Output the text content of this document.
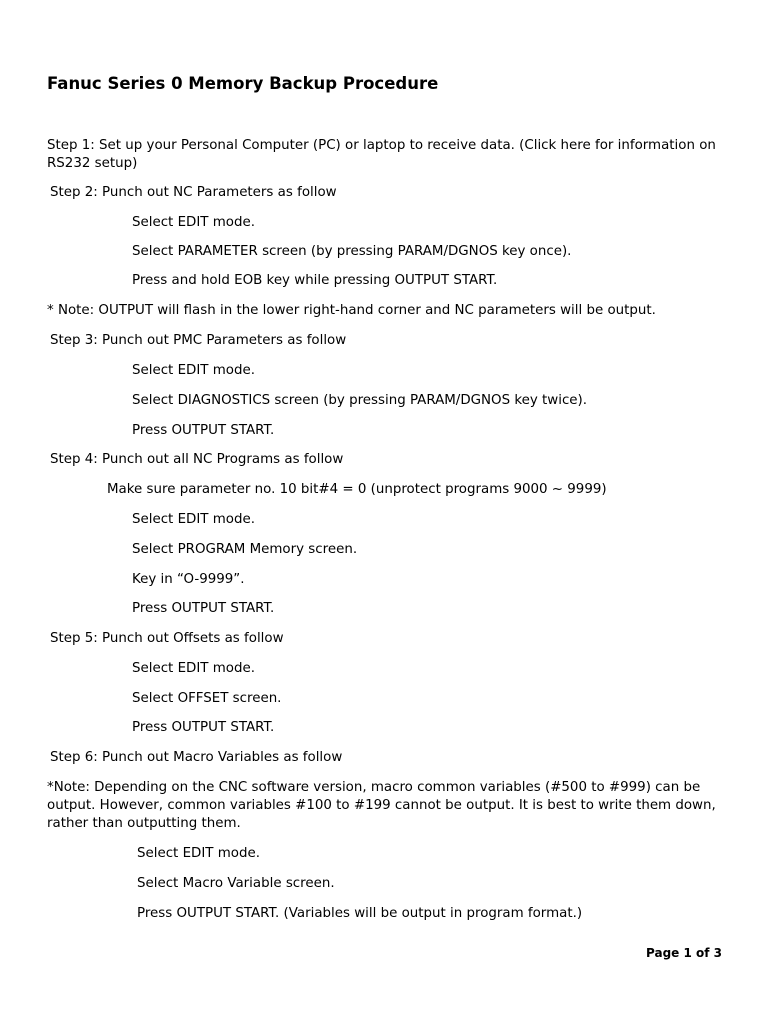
Fanuc Series 0 Memory Backup Procedure
Step 1: Set up your Personal Computer (PC) or laptop to receive data. (Click here for information on RS232 setup)
Step 2: Punch out NC Parameters as follow
Select EDIT mode.
Select PARAMETER screen (by pressing PARAM/DGNOS key once).
Press and hold EOB key while pressing OUTPUT START.
* Note: OUTPUT will flash in the lower right-hand corner and NC parameters will be output.
Step 3: Punch out PMC Parameters as follow
Select EDIT mode.
Select DIAGNOSTICS screen (by pressing PARAM/DGNOS key twice).
Press OUTPUT START.
Step 4: Punch out all NC Programs as follow
Make sure parameter no. 10 bit#4 = 0 (unprotect programs 9000 ~ 9999)
Select EDIT mode.
Select PROGRAM Memory screen.
Key in “O-9999”.
Press OUTPUT START.
Step 5: Punch out Offsets as follow
Select EDIT mode.
Select OFFSET screen.
Press OUTPUT START.
Step 6: Punch out Macro Variables as follow
*Note: Depending on the CNC software version, macro common variables (#500 to #999) can be output. However, common variables #100 to #199 cannot be output. It is best to write them down, rather than outputting them.
Select EDIT mode.
Select Macro Variable screen.
Press OUTPUT START. (Variables will be output in program format.)
Page 1 of 3
